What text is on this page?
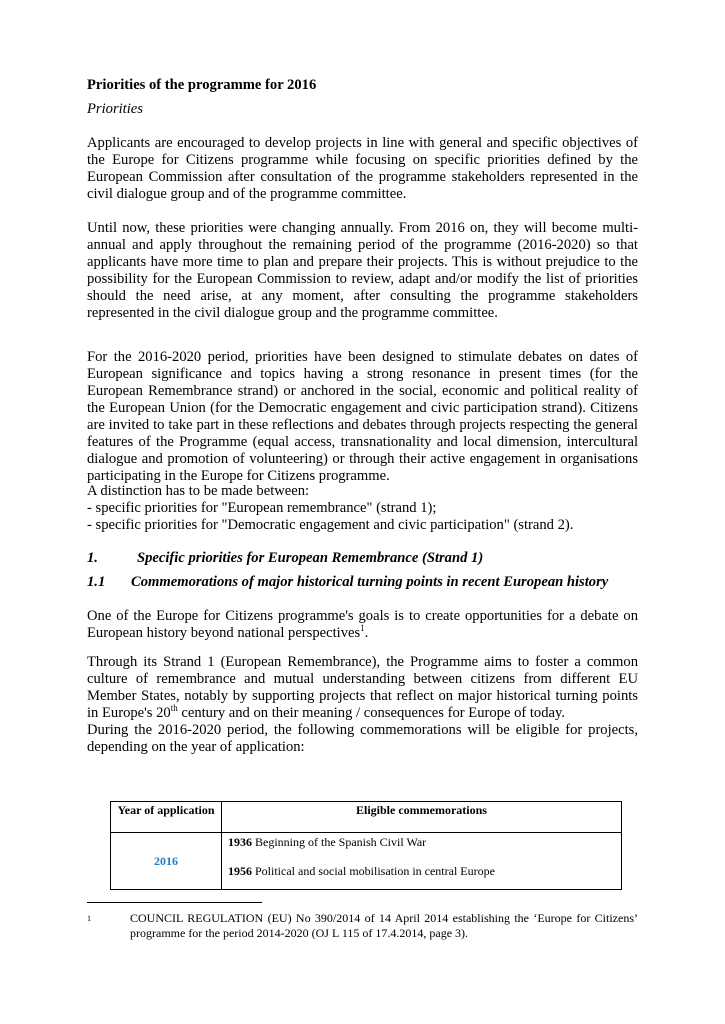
Priorities of the programme for 2016

Priorities

Applicants are encouraged to develop projects in line with general and specific objectives of the Europe for Citizens programme while focusing on specific priorities defined by the European Commission after consultation of the programme stakeholders represented in the civil dialogue group and of the programme committee.

Until now, these priorities were changing annually. From 2016 on, they will become multi-annual and apply throughout the remaining period of the programme (2016-2020) so that applicants have more time to plan and prepare their projects. This is without prejudice to the possibility for the European Commission to review, adapt and/or modify the list of priorities should the need arise, at any moment, after consulting the programme stakeholders represented in the civil dialogue group and the programme committee.

For the 2016-2020 period, priorities have been designed to stimulate debates on dates of European significance and topics having a strong resonance in present times (for the European Remembrance strand) or anchored in the social, economic and political reality of the European Union (for the Democratic engagement and civic participation strand). Citizens are invited to take part in these reflections and debates through projects respecting the general features of the Programme (equal access, transnationality and local dimension, intercultural dialogue and promotion of volunteering) or through their active engagement in organisations participating in the Europe for Citizens programme.

A distinction has to be made between:
- specific priorities for "European remembrance" (strand 1);
- specific priorities for "Democratic engagement and civic participation" (strand 2).
1.	Specific priorities for European Remembrance (Strand 1)
1.1 Commemorations of major historical turning points in recent European history

One of the Europe for Citizens programme's goals is to create opportunities for a debate on European history beyond national perspectives$^1$.

Through its Strand 1 (European Remembrance), the Programme aims to foster a common culture of remembrance and mutual understanding between citizens from different EU Member States, notably by supporting projects that reflect on major historical turning points in Europe's 20th century and on their meaning / consequences for Europe of today.

During the 2016-2020 period, the following commemorations will be eligible for projects, depending on the year of application:

Year of application	Eligible commemorations
2016	1936 Beginning of the Spanish Civil War
1956 Political and social mobilisation in central Europe
1	COUNCIL REGULATION (EU) No 390/2014 of 14 April 2014 establishing the ‘Europe for Citizens’ programme for the period 2014-2020 (OJ L 115 of 17.4.2014, page 3).
